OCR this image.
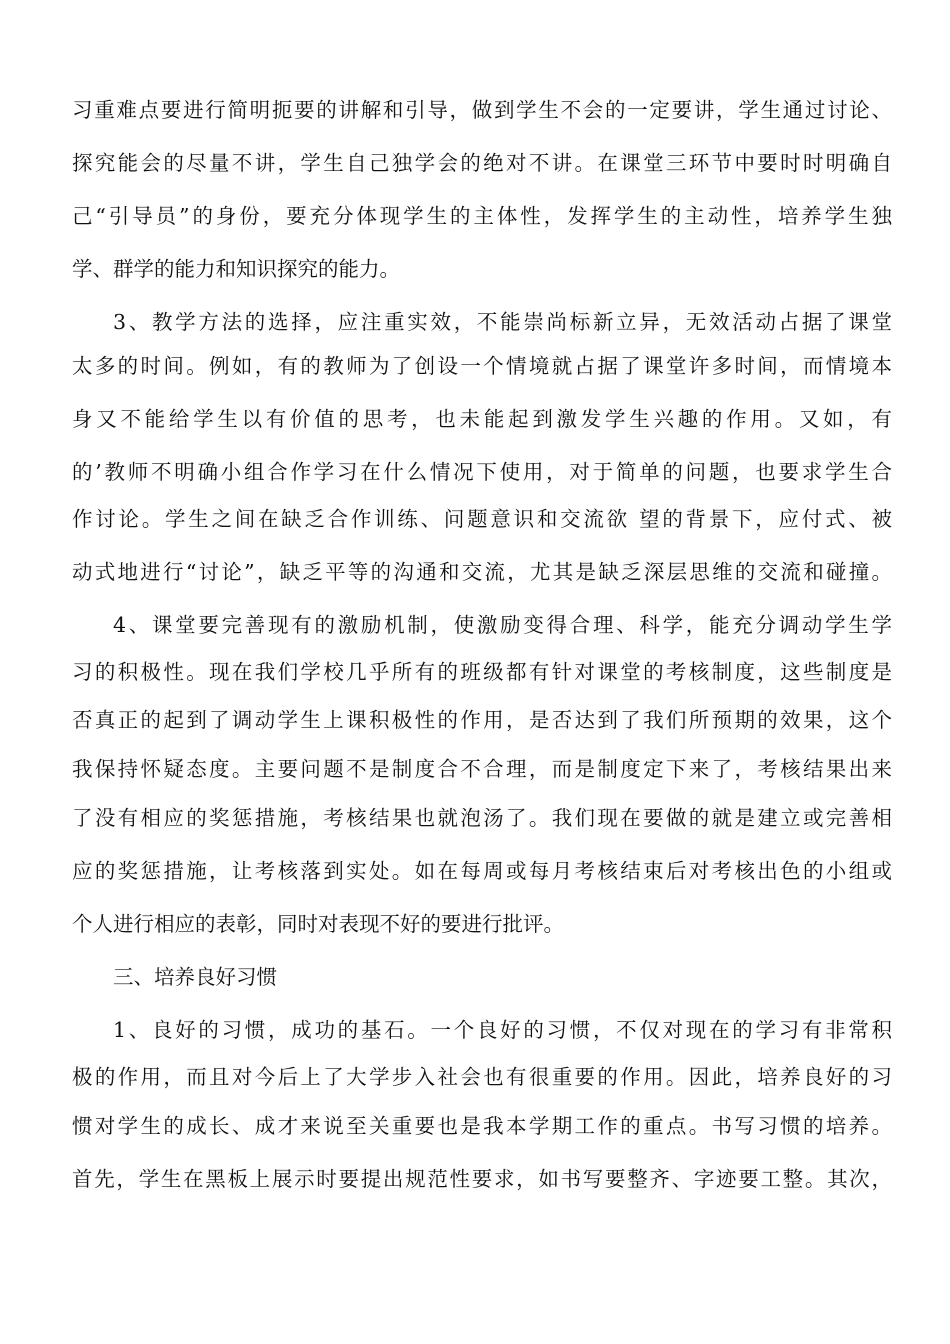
习重难点要进行简明扼要的讲解和引导，做到学生不会的一定要讲，学生通过讨论、
探究能会的尽量不讲，学生自己独学会的绝对不讲。在课堂三环节中要时时明确自
己“引导员”的身份，要充分体现学生的主体性，发挥学生的主动性，培养学生独
学、群学的能力和知识探究的能力。
3、教学方法的选择，应注重实效，不能崇尚标新立异，无效活动占据了课堂
太多的时间。例如，有的教师为了创设一个情境就占据了课堂许多时间，而情境本
身又不能给学生以有价值的思考，也未能起到激发学生兴趣的作用。又如，有
的’教师不明确小组合作学习在什么情况下使用，对于简单的问题，也要求学生合
作讨论。学生之间在缺乏合作训练、问题意识和交流欲 望的背景下，应付式、被
动式地进行“讨论”，缺乏平等的沟通和交流，尤其是缺乏深层思维的交流和碰撞。
4、课堂要完善现有的激励机制，使激励变得合理、科学，能充分调动学生学
习的积极性。现在我们学校几乎所有的班级都有针对课堂的考核制度，这些制度是
否真正的起到了调动学生上课积极性的作用，是否达到了我们所预期的效果，这个
我保持怀疑态度。主要问题不是制度合不合理，而是制度定下来了，考核结果出来
了没有相应的奖惩措施，考核结果也就泡汤了。我们现在要做的就是建立或完善相
应的奖惩措施，让考核落到实处。如在每周或每月考核结束后对考核出色的小组或
个人进行相应的表彰，同时对表现不好的要进行批评。
三、培养良好习惯
1、良好的习惯，成功的基石。一个良好的习惯，不仅对现在的学习有非常积
极的作用，而且对今后上了大学步入社会也有很重要的作用。因此，培养良好的习
惯对学生的成长、成才来说至关重要也是我本学期工作的重点。书写习惯的培养。
首先，学生在黑板上展示时要提出规范性要求，如书写要整齐、字迹要工整。其次，
